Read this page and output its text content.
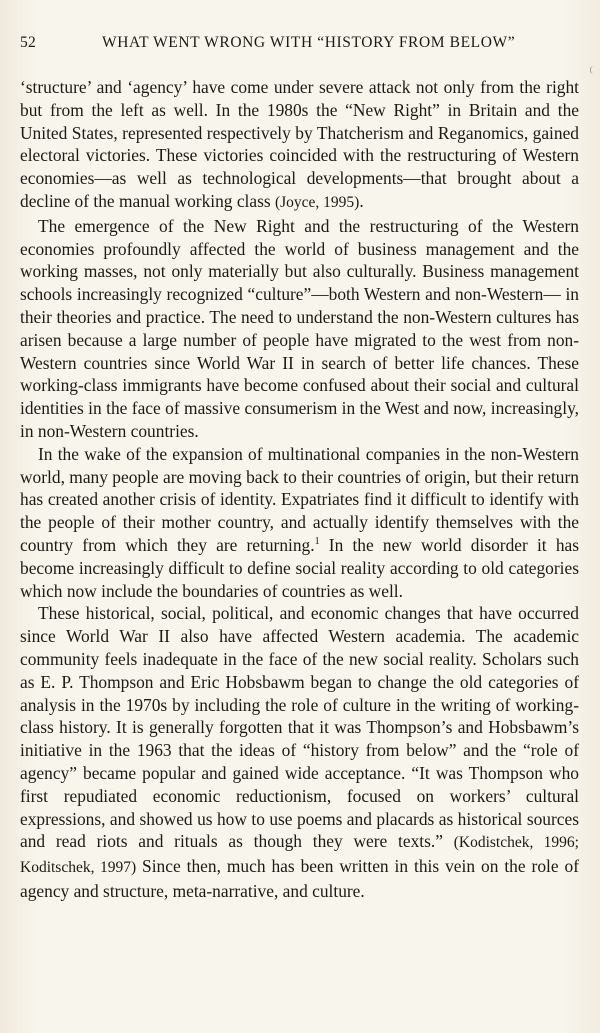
52	WHAT WENT WRONG WITH “HISTORY FROM BELOW”

‘structure’ and ‘agency’ have come under severe attack not only from the right but from the left as well. In the 1980s the “New Right” in Britain and the United States, represented respectively by Thatcherism and Reganomics, gained electoral victories. These victories coincided with the restructuring of Western economies—as well as technological developments—that brought about a decline of the manual working class (Joyce, 1995).

The emergence of the New Right and the restructuring of the Western economies profoundly affected the world of business management and the working masses, not only materially but also culturally. Business management schools increasingly recognized “culture”—both Western and non-Western— in their theories and practice. The need to understand the non-Western cultures has arisen because a large number of people have migrated to the west from non-Western countries since World War II in search of better life chances. These working-class immigrants have become confused about their social and cultural identities in the face of massive consumerism in the West and now, increasingly, in non-Western countries.

In the wake of the expansion of multinational companies in the non-Western world, many people are moving back to their countries of origin, but their return has created another crisis of identity. Expatriates find it difficult to identify with the people of their mother country, and actually identify themselves with the country from which they are returning.$^1$ In the new world disorder it has become increasingly difficult to define social reality according to old categories which now include the boundaries of countries as well.

These historical, social, political, and economic changes that have occurred since World War II also have affected Western academia. The academic community feels inadequate in the face of the new social reality. Scholars such as E. P. Thompson and Eric Hobsbawm began to change the old categories of analysis in the 1970s by including the role of culture in the writing of working-class history. It is generally forgotten that it was Thompson’s and Hobsbawm’s initiative in the 1963 that the ideas of “history from below” and the “role of agency” became popular and gained wide acceptance. “It was Thompson who first repudiated economic reductionism, focused on workers’ cultural expressions, and showed us how to use poems and placards as historical sources and read riots and rituals as though they were texts.” (Kodistchek, 1996; Koditschek, 1997) Since then, much has been written in this vein on the role of agency and structure, meta-narrative, and culture.
